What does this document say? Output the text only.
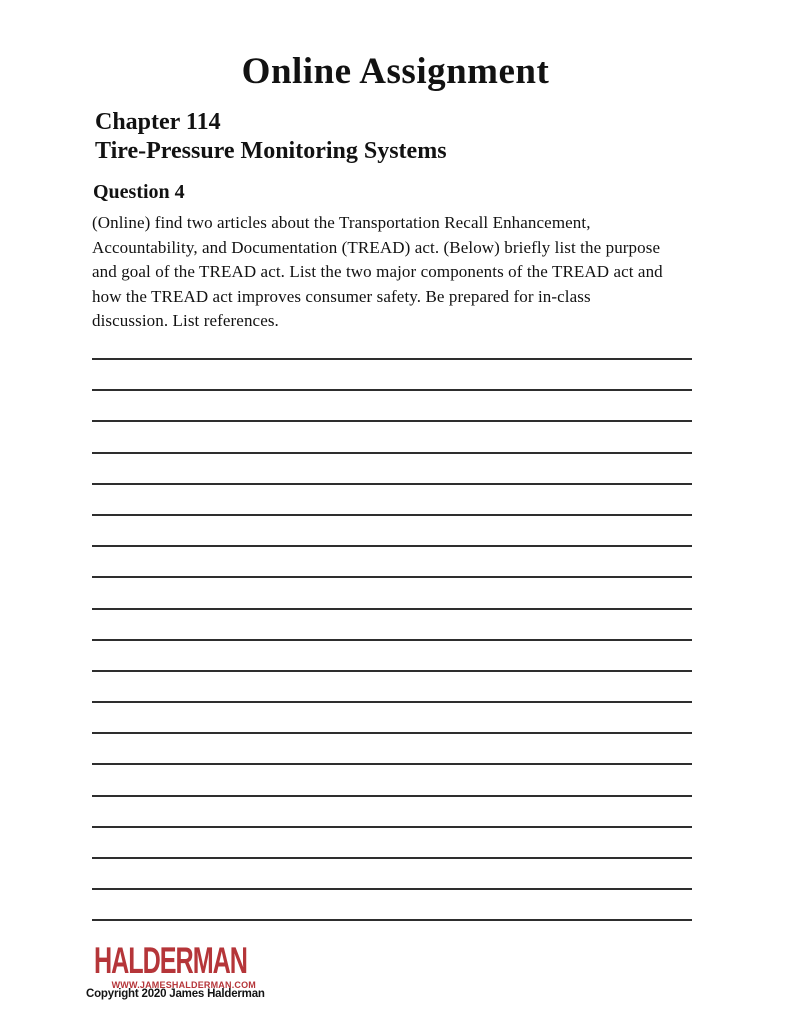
Online Assignment
Chapter 114
Tire-Pressure Monitoring Systems
Question 4
(Online) find two articles about the Transportation Recall Enhancement,
Accountability, and Documentation (TREAD) act. (Below) briefly list the purpose
and goal of the TREAD act. List the two major components of the TREAD act and
how the TREAD act improves consumer safety. Be prepared for in-class
discussion. List references.
HALDERMAN
WWW.JAMESHALDERMAN.COM
Copyright 2020 James Halderman
